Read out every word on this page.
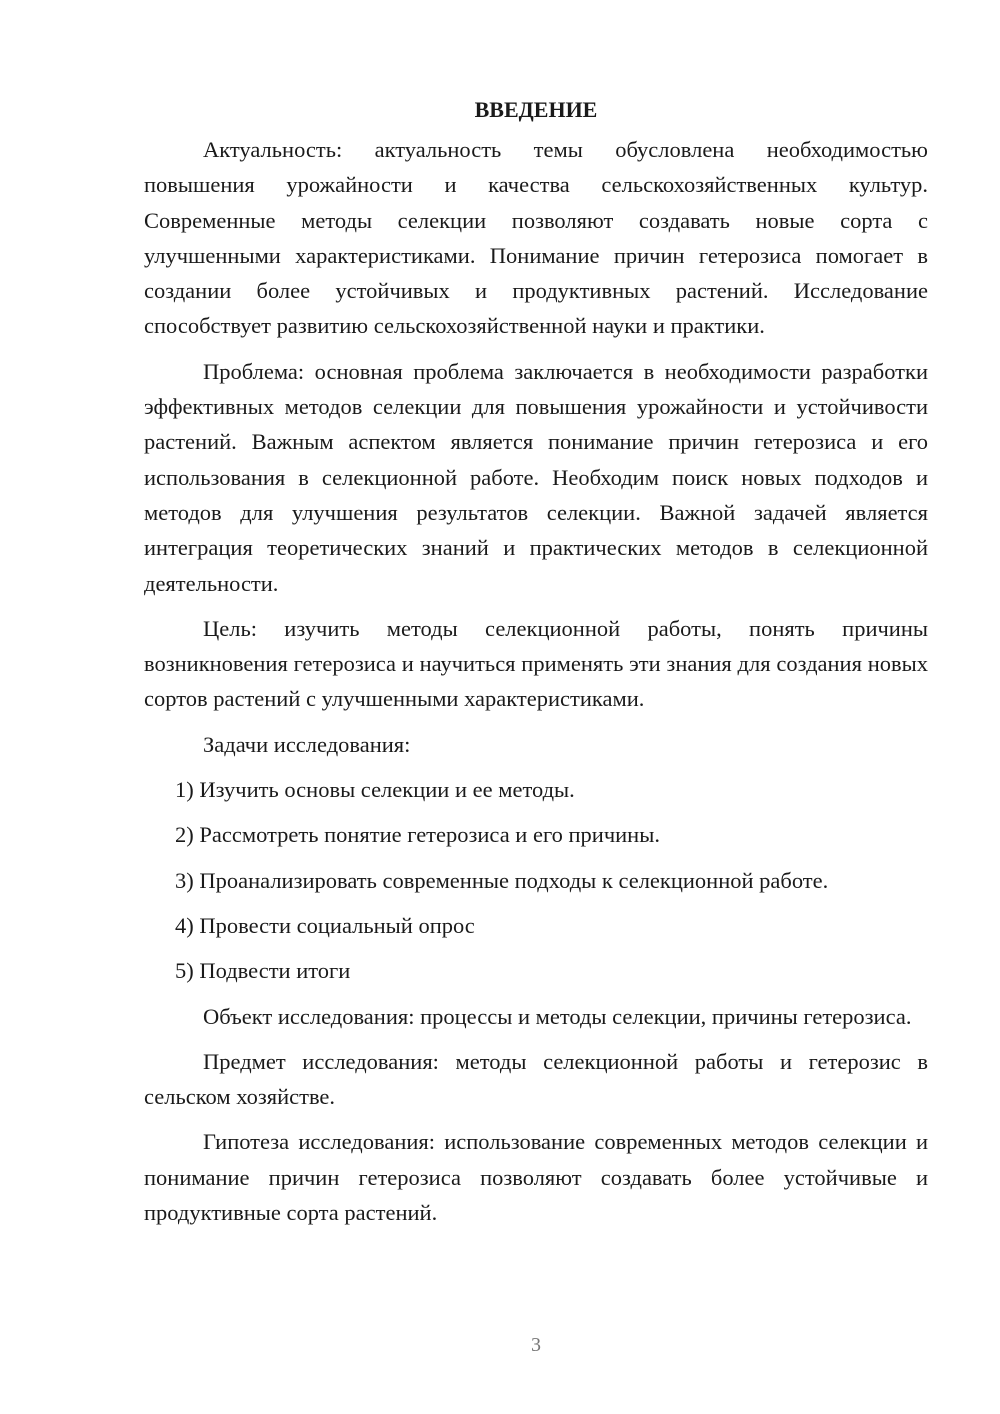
ВВЕДЕНИЕ

Актуальность: актуальность темы обусловлена необходимостью повышения урожайности и качества сельскохозяйственных культур. Современные методы селекции позволяют создавать новые сорта с улучшенными характеристиками. Понимание причин гетерозиса помогает в создании более устойчивых и продуктивных растений. Исследование способствует развитию сельскохозяйственной науки и практики.

Проблема: основная проблема заключается в необходимости разработки эффективных методов селекции для повышения урожайности и устойчивости растений. Важным аспектом является понимание причин гетерозиса и его использования в селекционной работе. Необходим поиск новых подходов и методов для улучшения результатов селекции. Важной задачей является интеграция теоретических знаний и практических методов в селекционной деятельности.

Цель: изучить методы селекционной работы, понять причины возникновения гетерозиса и научиться применять эти знания для создания новых сортов растений с улучшенными характеристиками.

Задачи исследования:

1) Изучить основы селекции и ее методы.
2) Рассмотреть понятие гетерозиса и его причины.
3) Проанализировать современные подходы к селекционной работе.
4) Провести социальный опрос
5) Подвести итоги

Объект исследования: процессы и методы селекции, причины гетерозиса.

Предмет исследования: методы селекционной работы и гетерозис в сельском хозяйстве.

Гипотеза исследования: использование современных методов селекции и понимание причин гетерозиса позволяют создавать более устойчивые и продуктивные сорта растений.

3
